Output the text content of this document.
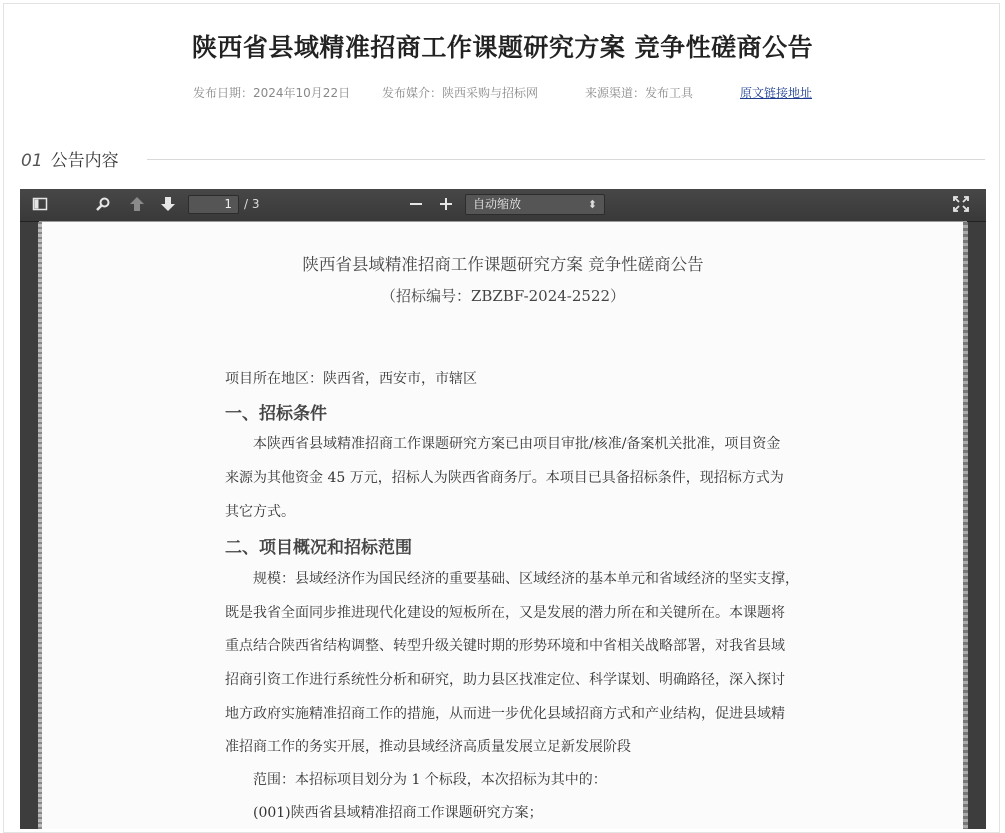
陕西省县域精准招商工作课题研究方案 竞争性磋商公告
发布日期：2024年10月22日	发布媒介：陕西采购与招标网	来源渠道：发布工具	原文链接地址
01 公告内容
1	/ 3	自动缩放	⬍
陕西省县域精准招商工作课题研究方案 竞争性磋商公告
（招标编号：ZBZBF-2024-2522）
项目所在地区：陕西省，西安市，市辖区
一、招标条件
　　本陕西省县域精准招商工作课题研究方案已由项目审批/核准/备案机关批准，项目资金
来源为其他资金 45 万元，招标人为陕西省商务厅。本项目已具备招标条件，现招标方式为
其它方式。
二、项目概况和招标范围
　　规模：县域经济作为国民经济的重要基础、区域经济的基本单元和省域经济的坚实支撑，
既是我省全面同步推进现代化建设的短板所在，又是发展的潜力所在和关键所在。本课题将
重点结合陕西省结构调整、转型升级关键时期的形势环境和中省相关战略部署，对我省县域
招商引资工作进行系统性分析和研究，助力县区找准定位、科学谋划、明确路径，深入探讨
地方政府实施精准招商工作的措施，从而进一步优化县域招商方式和产业结构，促进县域精
准招商工作的务实开展，推动县域经济高质量发展立足新发展阶段
　　范围：本招标项目划分为 1 个标段，本次招标为其中的：
　　(001)陕西省县域精准招商工作课题研究方案；
